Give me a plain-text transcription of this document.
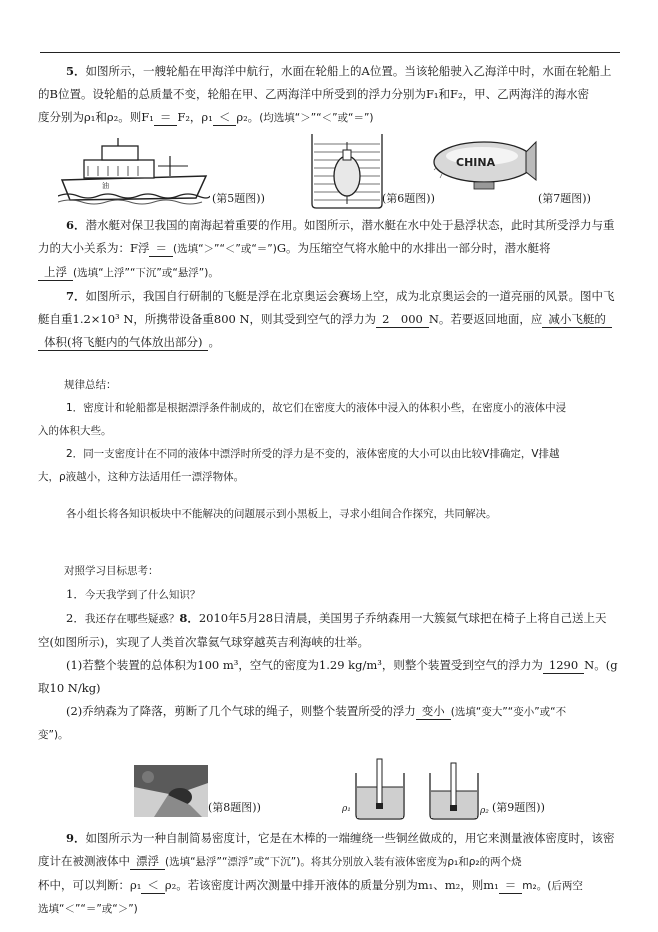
5．如图所示，一艘轮船在甲海洋中航行，水面在轮船上的A位置。当该轮船驶入乙海洋中时，水面在轮船上

的B位置。设轮船的总质量不变，轮船在甲、乙两海洋中所受到的浮力分别为F₁和F₂，甲、乙两海洋的海水密

度分别为ρ₁和ρ₂。则F₁ ＝ F₂，ρ₁ ＜ ρ₂。(均选填“＞”“＜”或“＝”)

油
(第5题图))	(第6题图))
CHINA
(第7题图))

6．潜水艇对保卫我国的南海起着重要的作用。如图所示，潜水艇在水中处于悬浮状态，此时其所受浮力与重

力的大小关系为：F浮 ＝ (选填“＞”“＜”或“＝”)G。为压缩空气将水舱中的水排出一部分时，潜水艇将

上浮 (选填“上浮”“下沉”或“悬浮”)。

7．如图所示，我国自行研制的飞艇是浮在北京奥运会赛场上空，成为北京奥运会的一道亮丽的风景。图中飞

艇自重1.2×10³ N，所携带设备重800 N，则其受到空气的浮力为 2　000 N。若要返回地面，应 减小飞艇的

体积(将飞艇内的气体放出部分) 。

规律总结：

1．密度计和轮船都是根据漂浮条件制成的，故它们在密度大的液体中浸入的体积小些，在密度小的液体中浸

入的体积大些。

2．同一支密度计在不同的液体中漂浮时所受的浮力是不变的，液体密度的大小可以由比较V排确定，V排越

大，ρ液越小，这种方法适用任一漂浮物体。

各小组长将各知识板块中不能解决的问题展示到小黑板上，寻求小组间合作探究，共同解决。

对照学习目标思考：

1．今天我学到了什么知识？

2．我还存在哪些疑惑？8．2010年5月28日清晨，美国男子乔纳森用一大簇氦气球把在椅子上将自己送上天

空(如图所示)，实现了人类首次靠氦气球穿越英吉利海峡的壮举。

(1)若整个装置的总体积为100 m³，空气的密度为1.29 kg/m³，则整个装置受到空气的浮力为 1290 N。(g

取10 N/kg)

(2)乔纳森为了降落，剪断了几个气球的绳子，则整个装置所受的浮力 变小 (选填“变大”“变小”或“不

变”)。

(第8题图))	ρ₁	ρ₂ (第9题图))

9．如图所示为一种自制简易密度计，它是在木棒的一端缠绕一些铜丝做成的，用它来测量液体密度时，该密

度计在被测液体中 漂浮 (选填“悬浮”“漂浮”或“下沉”)。将其分别放入装有液体密度为ρ₁和ρ₂的两个烧

杯中，可以判断：ρ₁ ＜ ρ₂。若该密度计两次测量中排开液体的质量分别为m₁、m₂，则m₁ ＝ m₂。(后两空

选填“＜”“＝”或“＞”)
